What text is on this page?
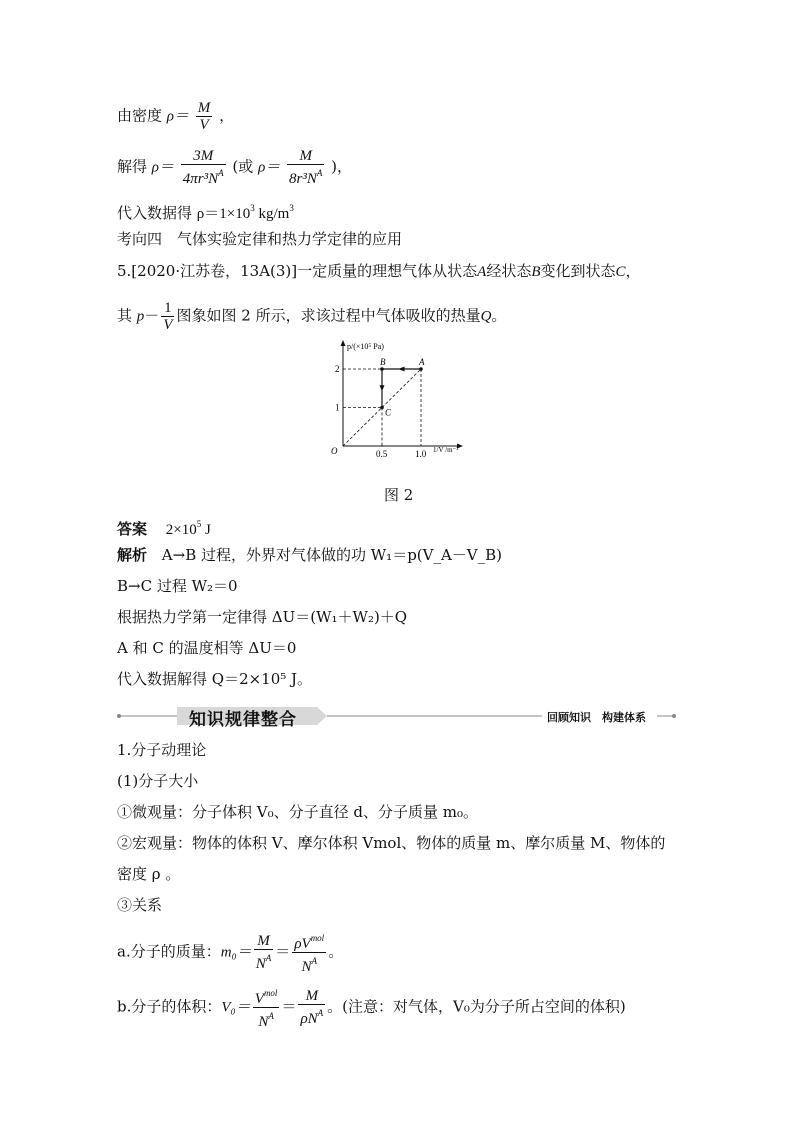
由密度 $\rho= \frac{M}{V}$ ，
解得 $\rho= \frac{3M}{4\pi r^3N^A}$ (或 $\rho= \frac{M}{8r^3N^A}$ )，
代入数据得 $\rho=1\times 10^3$ $kg/m^3$
考向四　气体实验定律和热力学定律的应用
5.[2020·江苏卷，13A(3)]一定质量的理想气体从状态A经状态B变化到状态C，
其 $p- \frac{1}{V}$ 图象如图 2 所示，求该过程中气体吸收的热量Q。
p/(×10⁵ Pa)
O	1/V /m⁻³
A
B
C
2
1
0.5	1.0
图 2
答案 $2\times 10^5$ J
解析 A→B 过程，外界对气体做的功 W₁＝p(V_A－V_B)
B→C 过程 W₂＝0
根据热力学第一定律得 ΔU＝(W₁＋W₂)＋Q
A 和 C 的温度相等 ΔU＝0
代入数据解得 Q＝2×10⁵ J。
知识规律整合	回顾知识　构建体系
1.分子动理论
(1)分子大小
①微观量：分子体积 V₀、分子直径 d、分子质量 m₀。
②宏观量：物体的体积 V、摩尔体积 Vmol、物体的质量 m、摩尔质量 M、物体的
密度 ρ 。
③关系
a.分子的质量：$m_0= \frac{M}{N^A} = \frac{\rho V^{mol}}{N^A}$ 。
b.分子的体积：$V_0= \frac{V^{mol}}{N^A} = \frac{M}{\rho N^A}$ 。(注意：对气体，V₀为分子所占空间的体积)
